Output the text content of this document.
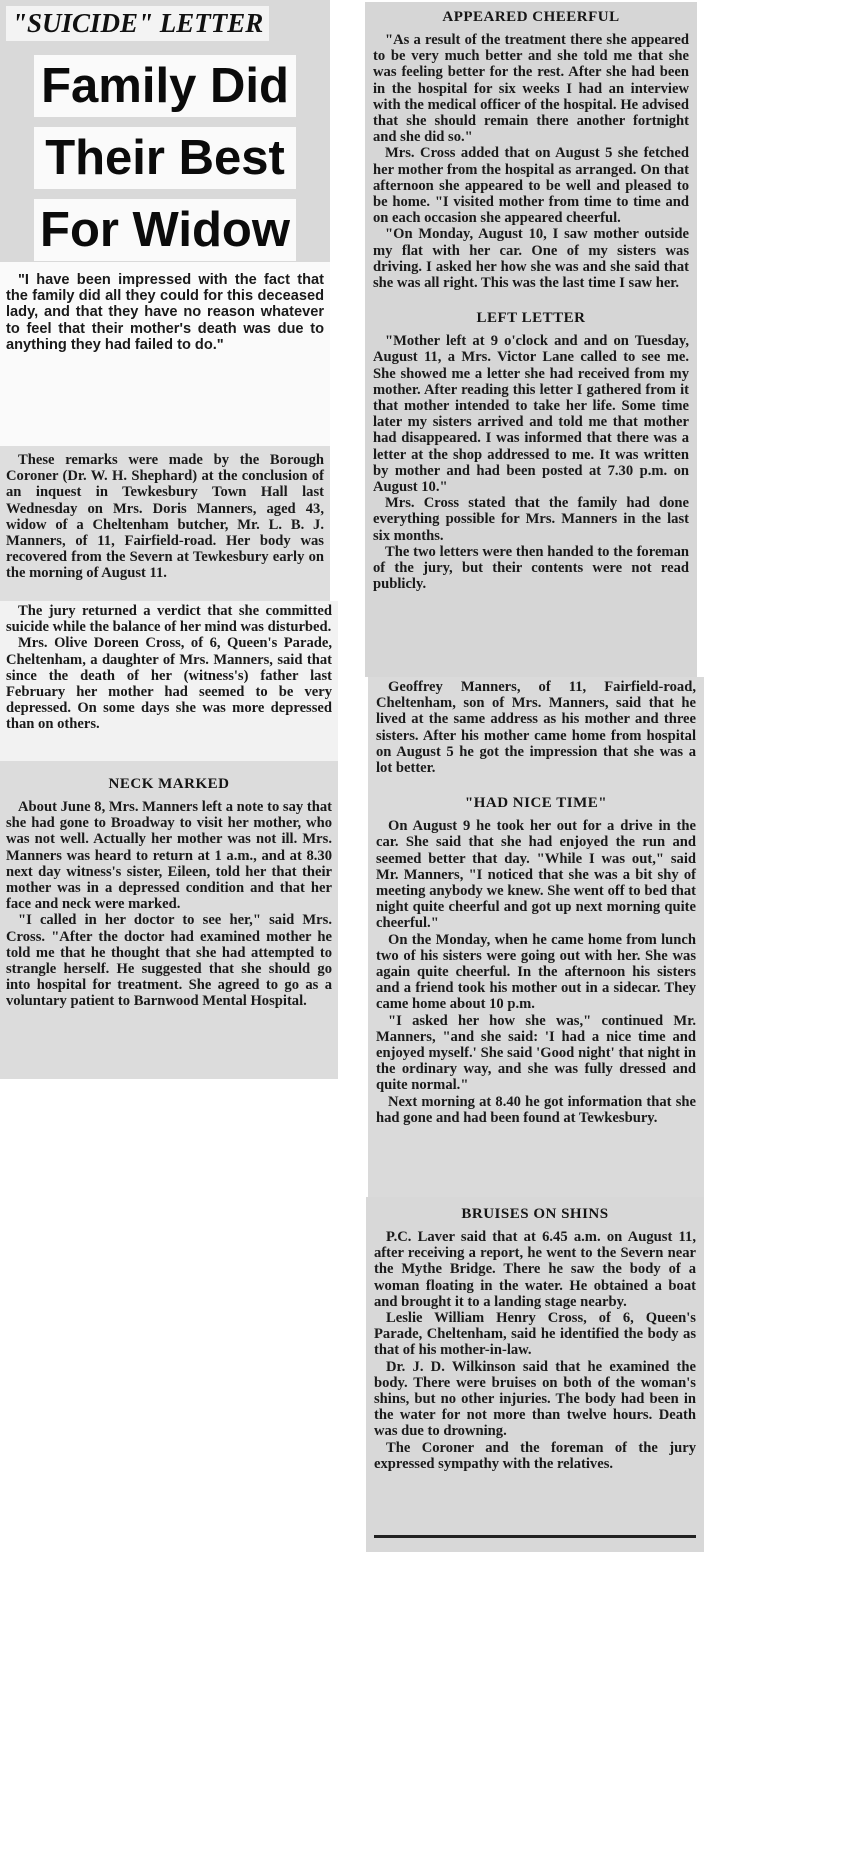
"SUICIDE" LETTER
Family Did
Their Best
For Widow

"I have been impressed with the fact that the family did all they could for this deceased lady, and that they have no reason whatever to feel that their mother's death was due to anything they had failed to do."

These remarks were made by the Borough Coroner (Dr. W. H. Shephard) at the conclusion of an inquest in Tewkesbury Town Hall last Wednesday on Mrs. Doris Manners, aged 43, widow of a Cheltenham butcher, Mr. L. B. J. Manners, of 11, Fairfield-road. Her body was recovered from the Severn at Tewkesbury early on the morning of August 11.

The jury returned a verdict that she committed suicide while the balance of her mind was disturbed.

Mrs. Olive Doreen Cross, of 6, Queen's Parade, Cheltenham, a daughter of Mrs. Manners, said that since the death of her (witness's) father last February her mother had seemed to be very depressed. On some days she was more depressed than on others.

NECK MARKED

About June 8, Mrs. Manners left a note to say that she had gone to Broadway to visit her mother, who was not well. Actually her mother was not ill. Mrs. Manners was heard to return at 1 a.m., and at 8.30 next day witness's sister, Eileen, told her that their mother was in a depressed condition and that her face and neck were marked.

"I called in her doctor to see her," said Mrs. Cross. "After the doctor had examined mother he told me that he thought that she had attempted to strangle herself. He suggested that she should go into hospital for treatment. She agreed to go as a voluntary patient to Barnwood Mental Hospital.

APPEARED CHEERFUL

"As a result of the treatment there she appeared to be very much better and she told me that she was feeling better for the rest. After she had been in the hospital for six weeks I had an interview with the medical officer of the hospital. He advised that she should remain there another fortnight and she did so."

Mrs. Cross added that on August 5 she fetched her mother from the hospital as arranged. On that afternoon she appeared to be well and pleased to be home. "I visited mother from time to time and on each occasion she appeared cheerful.

"On Monday, August 10, I saw mother outside my flat with her car. One of my sisters was driving. I asked her how she was and she said that she was all right. This was the last time I saw her.

LEFT LETTER

"Mother left at 9 o'clock and and on Tuesday, August 11, a Mrs. Victor Lane called to see me. She showed me a letter she had received from my mother. After reading this letter I gathered from it that mother intended to take her life. Some time later my sisters arrived and told me that mother had disappeared. I was informed that there was a letter at the shop addressed to me. It was written by mother and had been posted at 7.30 p.m. on August 10."

Mrs. Cross stated that the family had done everything possible for Mrs. Manners in the last six months.

The two letters were then handed to the foreman of the jury, but their contents were not read publicly.

Geoffrey Manners, of 11, Fairfield-road, Cheltenham, son of Mrs. Manners, said that he lived at the same address as his mother and three sisters. After his mother came home from hospital on August 5 he got the impression that she was a lot better.

"HAD NICE TIME"

On August 9 he took her out for a drive in the car. She said that she had enjoyed the run and seemed better that day. "While I was out," said Mr. Manners, "I noticed that she was a bit shy of meeting anybody we knew. She went off to bed that night quite cheerful and got up next morning quite cheerful."

On the Monday, when he came home from lunch two of his sisters were going out with her. She was again quite cheerful. In the afternoon his sisters and a friend took his mother out in a sidecar. They came home about 10 p.m.

"I asked her how she was," continued Mr. Manners, "and she said: 'I had a nice time and enjoyed myself.' She said 'Good night' that night in the ordinary way, and she was fully dressed and quite normal."

Next morning at 8.40 he got information that she had gone and had been found at Tewkesbury.

BRUISES ON SHINS

P.C. Laver said that at 6.45 a.m. on August 11, after receiving a report, he went to the Severn near the Mythe Bridge. There he saw the body of a woman floating in the water. He obtained a boat and brought it to a landing stage nearby.

Leslie William Henry Cross, of 6, Queen's Parade, Cheltenham, said he identified the body as that of his mother-in-law.

Dr. J. D. Wilkinson said that he examined the body. There were bruises on both of the woman's shins, but no other injuries. The body had been in the water for not more than twelve hours. Death was due to drowning.

The Coroner and the foreman of the jury expressed sympathy with the relatives.
